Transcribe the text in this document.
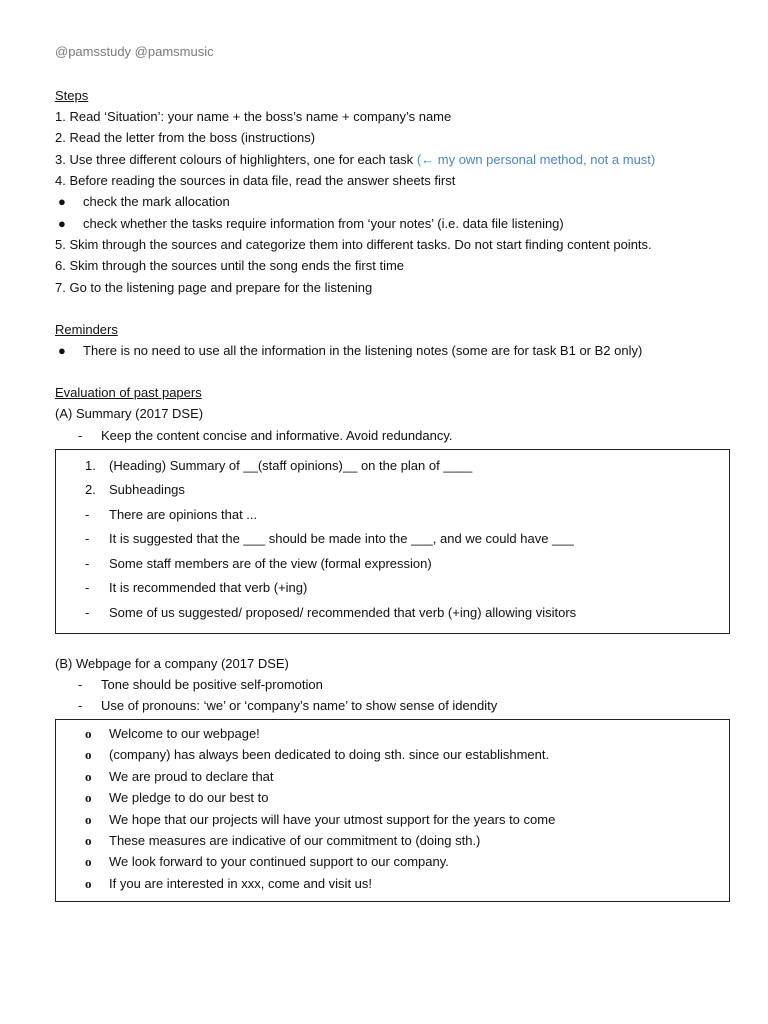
@pamsstudy @pamsmusic
Steps
1. Read ‘Situation’: your name + the boss’s name + company’s name
2. Read the letter from the boss (instructions)
3. Use three different colours of highlighters, one for each task (← my own personal method, not a must)
4. Before reading the sources in data file, read the answer sheets first
● check the mark allocation
● check whether the tasks require information from ‘your notes’ (i.e. data file listening)
5. Skim through the sources and categorize them into different tasks. Do not start finding content points.
6. Skim through the sources until the song ends the first time
7. Go to the listening page and prepare for the listening
Reminders
● There is no need to use all the information in the listening notes (some are for task B1 or B2 only)
Evaluation of past papers
(A) Summary (2017 DSE)
- Keep the content concise and informative. Avoid redundancy.
1. (Heading) Summary of __(staff opinions)__ on the plan of ____
2. Subheadings
- There are opinions that ...
- It is suggested that the ___ should be made into the ___, and we could have ___
- Some staff members are of the view (formal expression)
- It is recommended that verb (+ing)
- Some of us suggested/ proposed/ recommended that verb (+ing) allowing visitors
(B) Webpage for a company (2017 DSE)
- Tone should be positive self-promotion
- Use of pronouns: ‘we’ or ‘company’s name’ to show sense of idendity
o Welcome to our webpage!
o (company) has always been dedicated to doing sth. since our establishment.
o We are proud to declare that
o We pledge to do our best to
o We hope that our projects will have your utmost support for the years to come
o These measures are indicative of our commitment to (doing sth.)
o We look forward to your continued support to our company.
o If you are interested in xxx, come and visit us!
